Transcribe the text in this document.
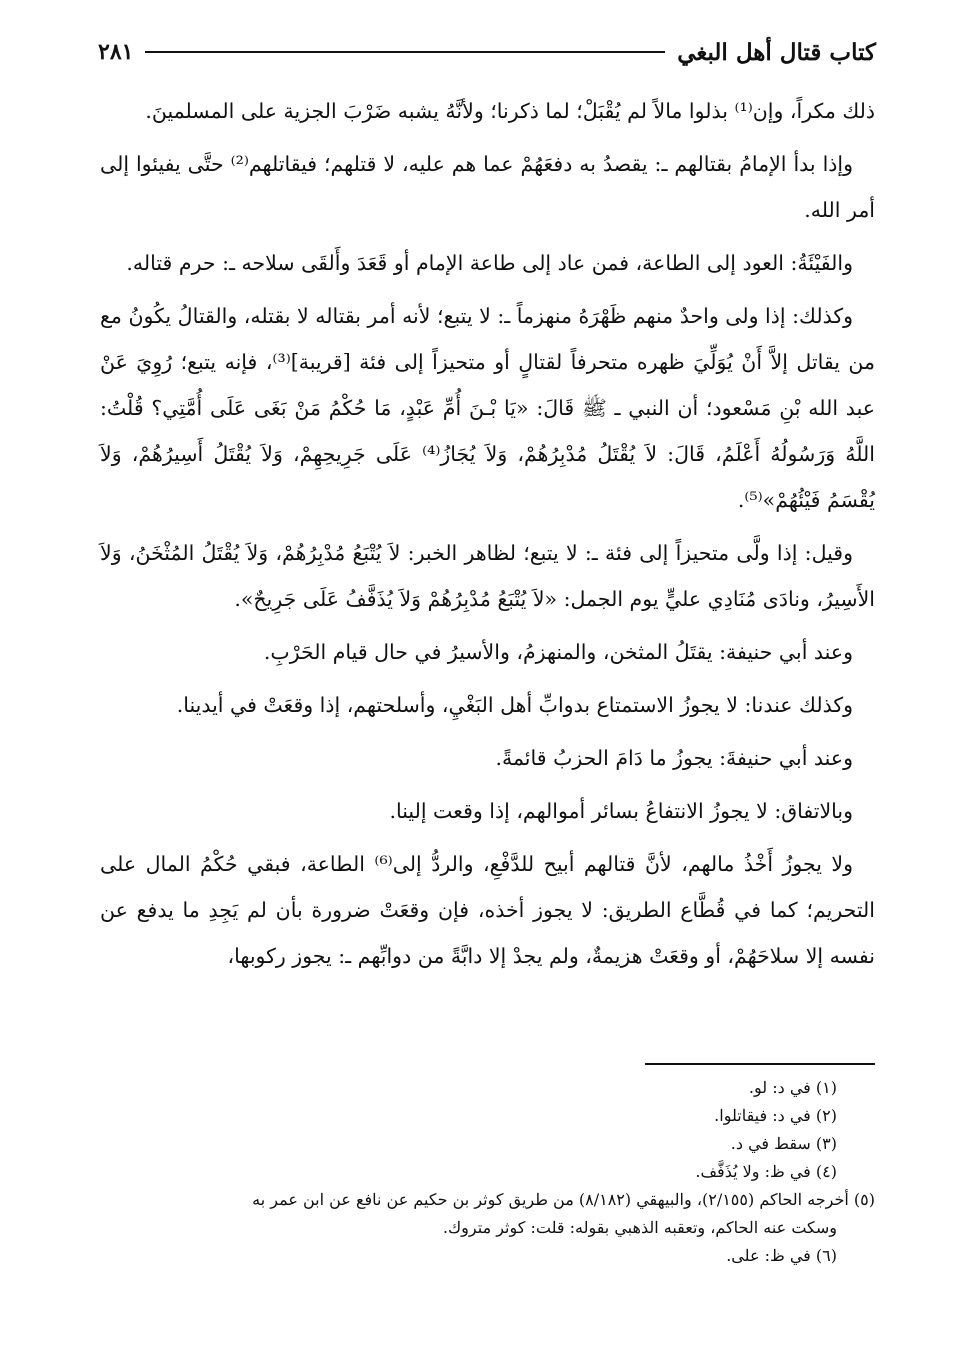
كتاب قتال أهل البغي
٢٨١

ذلك مكراً، وإن⁽¹⁾ بذلوا مالاً لم يُقْبَلْ؛ لما ذكرنا؛ ولأنَّهُ يشبه ضَرْبَ الجزية على المسلمينَ.

وإذا بدأ الإمامُ بقتالهم ـ: يقصدُ به دفعَهُمْ عما هم عليه، لا قتلهم؛ فيقاتلهم⁽²⁾ حتَّى يفيئوا إلى أمر الله.

والفَيْئَةُ: العود إلى الطاعة، فمن عاد إلى طاعة الإمام أو قَعَدَ وأَلقَى سلاحه ـ: حرم قتاله.

وكذلك: إذا ولى واحدٌ منهم ظَهْرَهُ منهزماً ـ: لا يتبع؛ لأنه أمر بقتاله لا بقتله، والقتالُ يكُونُ مع من يقاتل إلاَّ أَنْ يُوَلِّيَ ظهره متحرفاً لقتالٍ أو متحيزاً إلى فئة [قريبة]⁽³⁾، فإنه يتبع؛ رُوِيَ عَنْ عبد الله بْنِ مَسْعود؛ أن النبي ـ ﷺ قَالَ: «يَا بْـنَ أُمِّ عَبْدٍ، مَا حُكْمُ مَنْ بَغَى عَلَى أُمَّتِي؟ قُلْتُ: اللَّهُ وَرَسُولُهُ أَعْلَمُ، قَالَ: لاَ يُقْتَلُ مُدْبِرُهُمْ، وَلاَ يُجَازُ⁽⁴⁾ عَلَى جَرِيحِهِمْ، وَلاَ يُقْتَلُ أَسِيرُهُمْ، وَلاَ يُقْسَمُ فَيْئُهُمْ»⁽⁵⁾.

وقيل: إذا ولَّى متحيزاً إلى فئة ـ: لا يتبع؛ لظاهر الخبر: لاَ يُتْبَعُ مُدْبِرُهُمْ، وَلاَ يُقْتَلُ المُثْخَنُ، وَلاَ الأَسِيرُ، ونادَى مُنَادِي عليٍّ يوم الجمل: «لاَ يُتْبَعُ مُدْبِرُهُمْ وَلاَ يُذَفَّفُ عَلَى جَرِيحٌ».

وعند أبي حنيفة: يقتَلُ المثخن، والمنهزمُ، والأسيرُ في حال قيام الحَرْبِ.

وكذلك عندنا: لا يجوزُ الاستمتاع بدوابِّ أهل البَغْيِ، وأسلحتهم، إذا وقعَتْ في أيدينا.

وعند أبي حنيفةَ: يجوزُ ما دَامَ الحزبُ قائمةً.

وبالاتفاق: لا يجوزُ الانتفاعُ بسائر أموالهم، إذا وقعت إلينا.

ولا يجوزُ أَخْذُ مالهم، لأنَّ قتالهم أبيح للدَّفْعِ، والردُّ إلى⁽⁶⁾ الطاعة، فبقي حُكْمُ المال على التحريم؛ كما في قُطَّاع الطريق: لا يجوز أخذه، فإن وقعَتْ ضرورة بأن لم يَجِدِ ما يدفع عن نفسه إلا سلاحَهُمْ، أو وقعَتْ هزيمةٌ، ولم يجدْ إلا دابَّةً من دوابِّهم ـ: يجوز ركوبها،

(١) في د: لو.

(٢) في د: فيقاتلوا.

(٣) سقط في د.

(٤) في ظ: ولا يُذَفَّف.

(٥) أخرجه الحاكم (٢/١٥٥)، والبيهقي (٨/١٨٢) من طريق كوثر بن حكيم عن نافع عن ابن عمر به

وسكت عنه الحاكم، وتعقبه الذهبي بقوله: قلت: كوثر متروك.

(٦) في ظ: على.
